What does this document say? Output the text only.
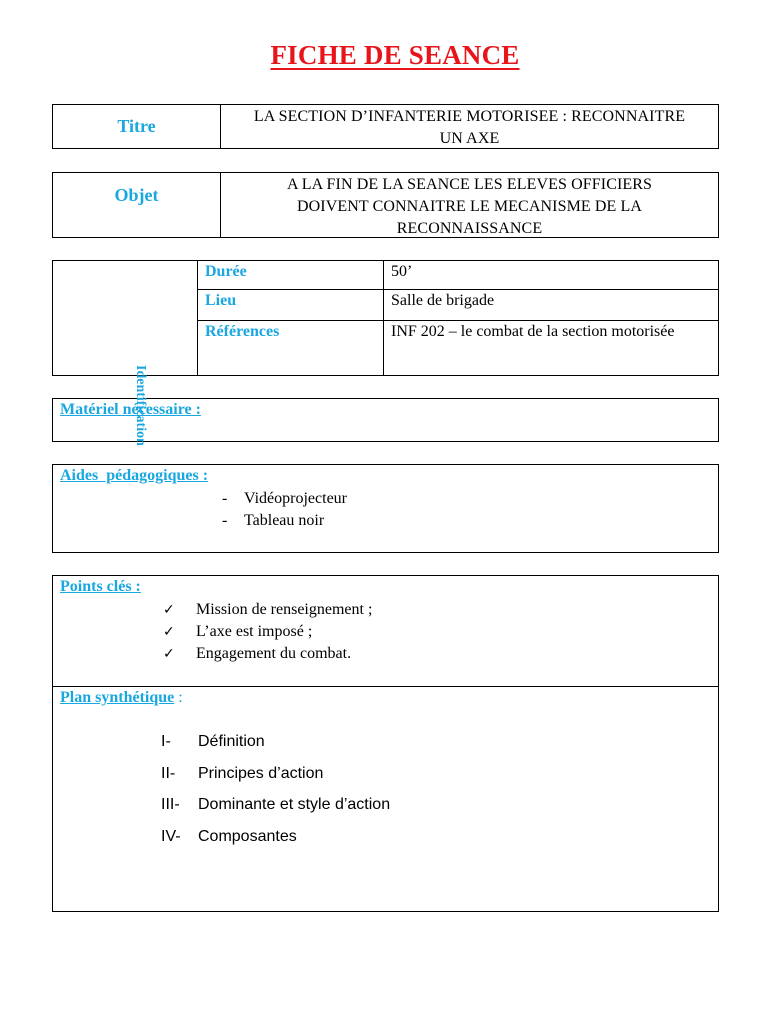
FICHE DE SEANCE
Titre	LA SECTION D’INFANTERIE MOTORISEE : RECONNAITRE
UN AXE
Objet	A LA FIN DE LA SEANCE LES ELEVES OFFICIERS
DOIVENT CONNAITRE LE MECANISME DE LA
RECONNAISSANCE
Durée	50’
Lieu	Salle de brigade
Références	INF 202 – le combat de la section motorisée
Matériel nécessaire :
Identification
Aides  pédagogiques :
- Vidéoprojecteur
- Tableau noir
Points clés :
✓ Mission de renseignement ;
✓ L’axe est imposé ;
✓ Engagement du combat.
Plan synthétique :
I- Définition
II- Principes d’action
III- Dominante et style d’action
IV- Composantes
